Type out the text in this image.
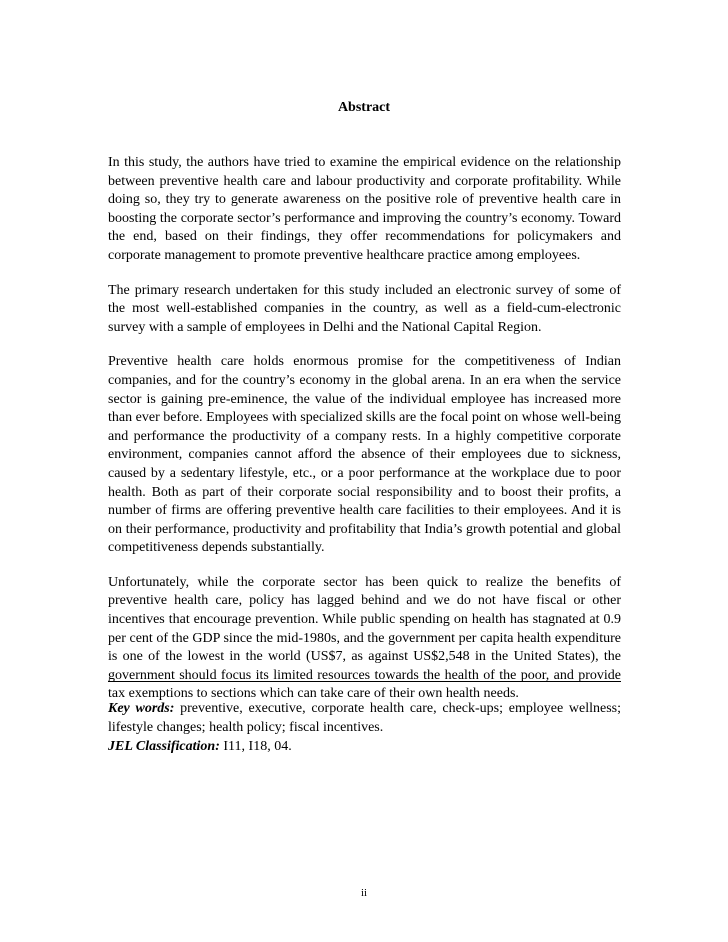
Abstract

In this study, the authors have tried to examine the empirical evidence on the relationship between preventive health care and labour productivity and corporate profitability. While doing so, they try to generate awareness on the positive role of preventive health care in boosting the corporate sector’s performance and improving the country’s economy. Toward the end, based on their findings, they offer recommendations for policymakers and corporate management to promote preventive healthcare practice among employees.

The primary research undertaken for this study included an electronic survey of some of the most well-established companies in the country, as well as a field-cum-electronic survey with a sample of employees in Delhi and the National Capital Region.

Preventive health care holds enormous promise for the competitiveness of Indian companies, and for the country’s economy in the global arena. In an era when the service sector is gaining pre-eminence, the value of the individual employee has increased more than ever before. Employees with specialized skills are the focal point on whose well-being and performance the productivity of a company rests. In a highly competitive corporate environment, companies cannot afford the absence of their employees due to sickness, caused by a sedentary lifestyle, etc., or a poor performance at the workplace due to poor health. Both as part of their corporate social responsibility and to boost their profits, a number of firms are offering preventive health care facilities to their employees. And it is on their performance, productivity and profitability that India’s growth potential and global competitiveness depends substantially.

Unfortunately, while the corporate sector has been quick to realize the benefits of preventive health care, policy has lagged behind and we do not have fiscal or other incentives that encourage prevention. While public spending on health has stagnated at 0.9 per cent of the GDP since the mid-1980s, and the government per capita health expenditure is one of the lowest in the world (US$7, as against US$2,548 in the United States), the government should focus its limited resources towards the health of the poor, and provide tax exemptions to sections which can take care of their own health needs.

Key words: preventive, executive, corporate health care, check-ups; employee wellness; lifestyle changes; health policy; fiscal incentives.

JEL Classification: I11, I18, 04.

ii
